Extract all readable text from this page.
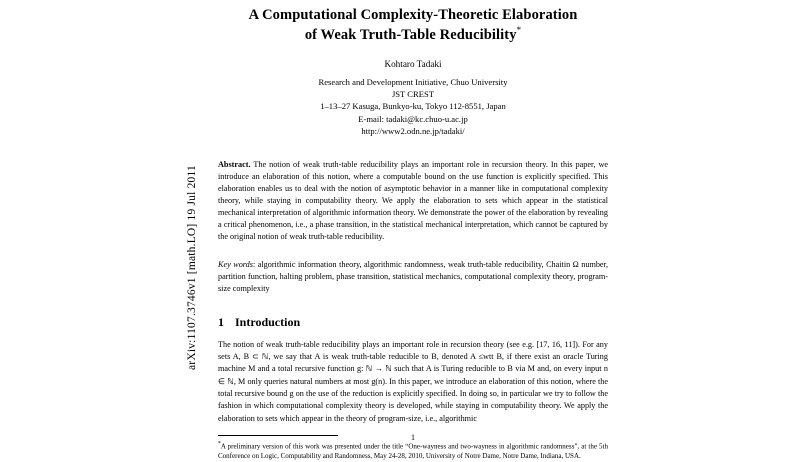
arXiv:1107.3746v1 [math.LO] 19 Jul 2011
A Computational Complexity-Theoretic Elaboration
of Weak Truth-Table Reducibility*
Kohtaro Tadaki
Research and Development Initiative, Chuo University
JST CREST
1–13–27 Kasuga, Bunkyo-ku, Tokyo 112-8551, Japan
E-mail: tadaki@kc.chuo-u.ac.jp
http://www2.odn.ne.jp/tadaki/
Abstract. The notion of weak truth-table reducibility plays an important role in recursion theory. In this paper, we introduce an elaboration of this notion, where a computable bound on the use function is explicitly specified. This elaboration enables us to deal with the notion of asymptotic behavior in a manner like in computational complexity theory, while staying in computability theory. We apply the elaboration to sets which appear in the statistical mechanical interpretation of algorithmic information theory. We demonstrate the power of the elaboration by revealing a critical phenomenon, i.e., a phase transition, in the statistical mechanical interpretation, which cannot be captured by the original notion of weak truth-table reducibility.
Key words: algorithmic information theory, algorithmic randomness, weak truth-table reducibility, Chaitin Ω number, partition function, halting problem, phase transition, statistical mechanics, computational complexity theory, program-size complexity
1 Introduction
The notion of weak truth-table reducibility plays an important role in recursion theory (see e.g. [17, 16, 11]). For any sets A, B ⊂ ℕ, we say that A is weak truth-table reducible to B, denoted A ≤wtt B, if there exist an oracle Turing machine M and a total recursive function g: ℕ → ℕ such that A is Turing reducible to B via M and, on every input n ∈ ℕ, M only queries natural numbers at most g(n). In this paper, we introduce an elaboration of this notion, where the total recursive bound g on the use of the reduction is explicitly specified. In doing so, in particular we try to follow the fashion in which computational complexity theory is developed, while staying in computability theory. We apply the elaboration to sets which appear in the theory of program-size, i.e., algorithmic
*A preliminary version of this work was presented under the title “One-wayness and two-wayness in algorithmic randomness”, at the 5th Conference on Logic, Computability and Randomness, May 24-28, 2010, University of Notre Dame, Notre Dame, Indiana, USA.
1
